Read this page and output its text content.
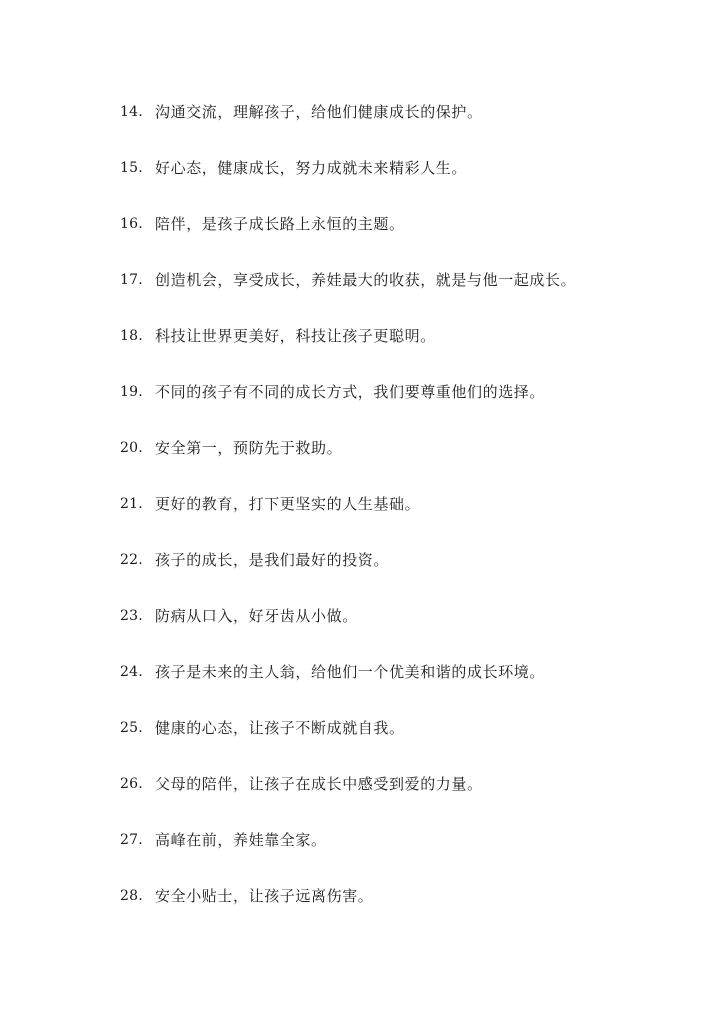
14. 沟通交流，理解孩子，给他们健康成长的保护。
15. 好心态，健康成长，努力成就未来精彩人生。
16. 陪伴，是孩子成长路上永恒的主题。
17. 创造机会，享受成长，养娃最大的收获，就是与他一起成长。
18. 科技让世界更美好，科技让孩子更聪明。
19. 不同的孩子有不同的成长方式，我们要尊重他们的选择。
20. 安全第一，预防先于救助。
21. 更好的教育，打下更坚实的人生基础。
22. 孩子的成长，是我们最好的投资。
23. 防病从口入，好牙齿从小做。
24. 孩子是未来的主人翁，给他们一个优美和谐的成长环境。
25. 健康的心态，让孩子不断成就自我。
26. 父母的陪伴，让孩子在成长中感受到爱的力量。
27. 高峰在前，养娃靠全家。
28. 安全小贴士，让孩子远离伤害。
